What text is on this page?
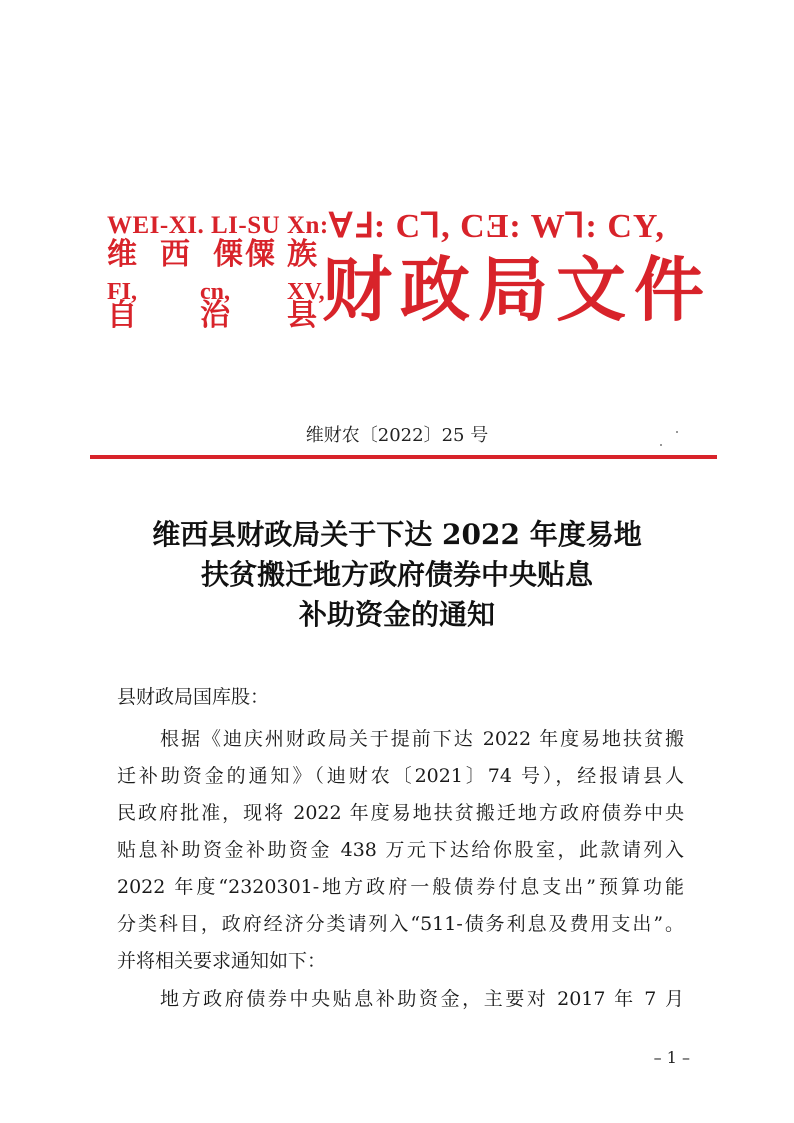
WEI-XI. LI-SU Xn: ꓯꓞ: Cꓶ, CƎ: Wꓶ: CY,
维 西 傈 僳 族
FI,	cn, XV,
自 治 县 财政局文件
维财农〔2022〕25 号
维西县财政局关于下达 2022 年度易地
扶贫搬迁地方政府债券中央贴息
补助资金的通知
县财政局国库股：
根据《迪庆州财政局关于提前下达 2022 年度易地扶贫搬
迁补助资金的通知》（迪财农〔2021〕74 号），经报请县人
民政府批准，现将 2022 年度易地扶贫搬迁地方政府债券中央
贴息补助资金补助资金 438 万元下达给你股室，此款请列入
2022 年度“2320301-地方政府一般债券付息支出”预算功能
分类科目，政府经济分类请列入“511-债务利息及费用支出”。
并将相关要求通知如下：
地方政府债券中央贴息补助资金，主要对 2017 年 7 月
– 1 –
